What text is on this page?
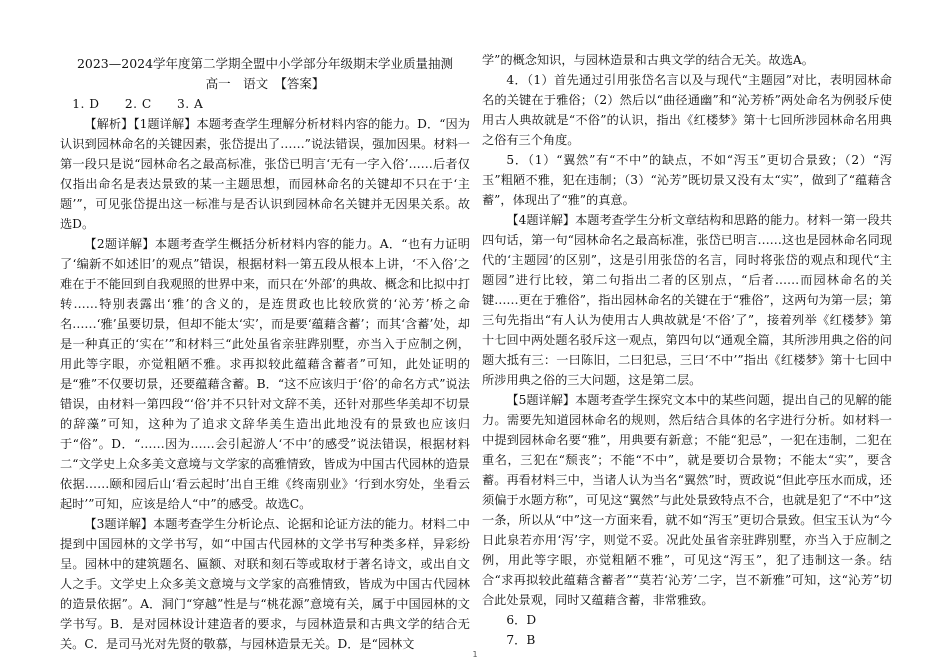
2023—2024学年度第二学期全盟中小学部分年级期末学业质量抽测
高一　语文　【答案】

1. D　　2. C　　3. A

【解析】【1题详解】本题考查学生理解分析材料内容的能力。D．“因为认识到园林命名的关键因素，张岱提出了……”说法错误，强加因果。材料一第一段只是说“园林命名之最高标准，张岱已明言‘无有一字入俗’……后者仅仅指出命名是表达景致的某一主题思想，而园林命名的关键却不只在于‘主题’”，可见张岱提出这一标准与是否认识到园林命名关键并无因果关系。故选D。

【2题详解】本题考查学生概括分析材料内容的能力。A．“也有力证明了‘编新不如述旧’的观点”错误，根据材料一第五段从根本上讲，‘不入俗’之难在于不能回到自我观照的世界中来，而只在‘外部’的典故、概念和比拟中打转……特别表露出‘雅’的含义的，是连贯政也比较欣赏的‘沁芳’桥之命名……‘雅’虽要切景，但却不能太‘实’，而是要‘蕴藉含蓄’；而其‘含蓄’处，却是一种真正的‘实在’”和材料三“此处虽省亲驻跸别墅，亦当入于应制之例，用此等字眼，亦觉粗陋不雅。求再拟较此蕴藉含蓄者”可知，此处证明的是“雅”不仅要切景，还要蕴藉含蓄。B．“这不应该归于‘俗’的命名方式”说法错误，由材料一第四段“‘俗’并不只针对文辞不美，还针对那些华美却不切景的辞藻”可知，这种为了追求文辞华美生造出此地没有的景致也应该归于“俗”。D．“……因为……会引起游人‘不中’的感受”说法错误，根据材料二“文学史上众多美文意境与文学家的高雅情致，皆成为中国古代园林的造景依据……颐和园后山‘看云起时’出自王维《终南别业》‘行到水穷处，坐看云起时’”可知，应该是给人“中”的感受。故选C。

【3题详解】本题考查学生分析论点、论据和论证方法的能力。材料二中提到中国园林的文学书写，如“中国古代园林的文学书写种类多样，异彩纷呈。园林中的建筑题名、匾额、对联和刻石等或取材于著名诗文，或出自文人之手。文学史上众多美文意境与文学家的高雅情致，皆成为中国古代园林的造景依据”。A．洞门“穿越”性是与“桃花源”意境有关，属于中国园林的文学书写。B．是对园林设计建造者的要求，与园林造景和古典文学的结合无关。C．是司马光对先贤的敬慕，与园林造景无关。D．是“园林文

学”的概念知识，与园林造景和古典文学的结合无关。故选A。

4．（1）首先通过引用张岱名言以及与现代“主题园”对比，表明园林命名的关键在于雅俗；（2）然后以“曲径通幽”和“沁芳桥”两处命名为例驳斥使用古人典故就是“不俗”的认识，指出《红楼梦》第十七回所涉园林命名用典之俗有三个角度。

5．（1）“翼然”有“不中”的缺点，不如“泻玉”更切合景致；（2）“泻玉”粗陋不雅，犯在违制；（3）“沁芳”既切景又没有太“实”，做到了“蕴藉含蓄”，体现出了“雅”的真意。

【4题详解】本题考查学生分析文章结构和思路的能力。材料一第一段共四句话，第一句“园林命名之最高标准，张岱已明言……这也是园林命名同现代的‘主题园’的区别”，这是引用张岱的名言，同时将张岱的观点和现代“主题园”进行比较，第二句指出二者的区别点，“后者……而园林命名的关键……更在于雅俗”，指出园林命名的关键在于“雅俗”，这两句为第一层；第三句先指出“有人认为使用古人典故就是‘不俗’了”，接着列举《红楼梦》第十七回中两处题名驳斥这一观点，第四句以“通观全篇，其所涉用典之俗的问题大抵有三：一曰陈旧，二曰犯忌，三曰‘不中’”指出《红楼梦》第十七回中所涉用典之俗的三大问题，这是第二层。

【5题详解】本题考查学生探究文本中的某些问题，提出自己的见解的能力。需要先知道园林命名的规则，然后结合具体的名字进行分析。如材料一中提到园林命名要“雅”，用典要有新意；不能“犯忌”，一犯在违制，二犯在重名，三犯在“颓丧”；不能“不中”，就是要切合景物；不能太“实”，要含蓄。再看材料三中，当诸人认为当名“翼然”时，贾政说“但此亭压水而成，还须偏于水题方称”，可见这“翼然”与此处景致特点不合，也就是犯了“不中”这一条，所以从“中”这一方面来看，就不如“泻玉”更切合景致。但宝玉认为“今日此泉若亦用‘泻’字，则觉不妥。况此处虽省亲驻跸别墅，亦当入于应制之例，用此等字眼，亦觉粗陋不雅”，可见这“泻玉”，犯了违制这一条。结合“求再拟较此蕴藉含蓄者”“莫若‘沁芳’二字，岂不新雅”可知，这“沁芳”切合此处景观，同时又蕴藉含蓄，非常雅致。

6．D

7．B

1
